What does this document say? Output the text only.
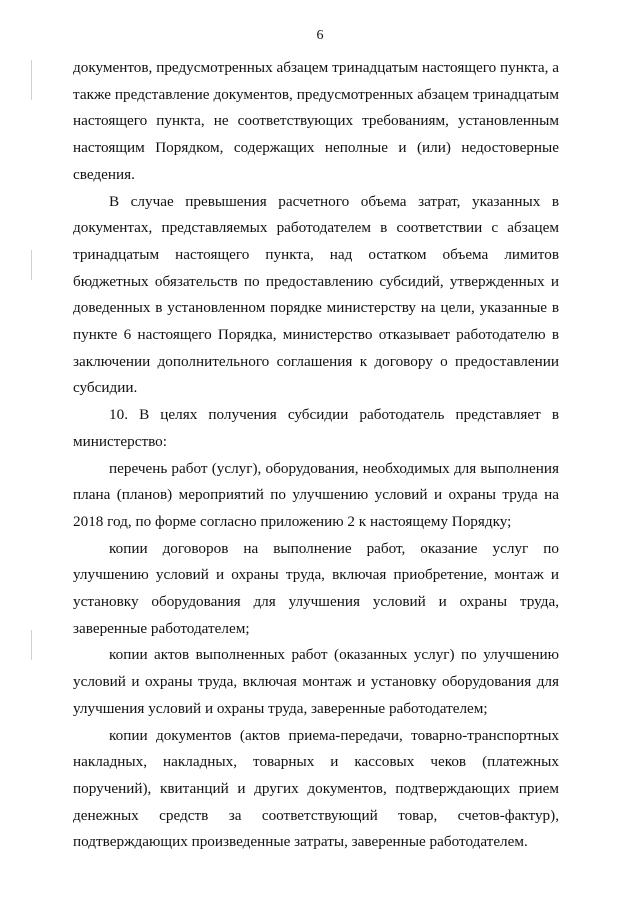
6

документов, предусмотренных абзацем тринадцатым настоящего пункта, а также представление документов, предусмотренных абзацем тринадцатым настоящего пункта, не соответствующих требованиям, установленным настоящим Порядком, содержащих неполные и (или) недостоверные сведения.

В случае превышения расчетного объема затрат, указанных в документах, представляемых работодателем в соответствии с абзацем тринадцатым настоящего пункта, над остатком объема лимитов бюджетных обязательств по предоставлению субсидий, утвержденных и доведенных в установленном порядке министерству на цели, указанные в пункте 6 настоящего Порядка, министерство отказывает работодателю в заключении дополнительного соглашения к договору о предоставлении субсидии.

10. В целях получения субсидии работодатель представляет в министерство:

перечень работ (услуг), оборудования, необходимых для выполнения плана (планов) мероприятий по улучшению условий и охраны труда на 2018 год, по форме согласно приложению 2 к настоящему Порядку;

копии договоров на выполнение работ, оказание услуг по улучшению условий и охраны труда, включая приобретение, монтаж и установку оборудования для улучшения условий и охраны труда, заверенные работодателем;

копии актов выполненных работ (оказанных услуг) по улучшению условий и охраны труда, включая монтаж и установку оборудования для улучшения условий и охраны труда, заверенные работодателем;

копии документов (актов приема-передачи, товарно-транспортных накладных, накладных, товарных и кассовых чеков (платежных поручений), квитанций и других документов, подтверждающих прием денежных средств за соответствующий товар, счетов-фактур), подтверждающих произведенные затраты, заверенные работодателем.
